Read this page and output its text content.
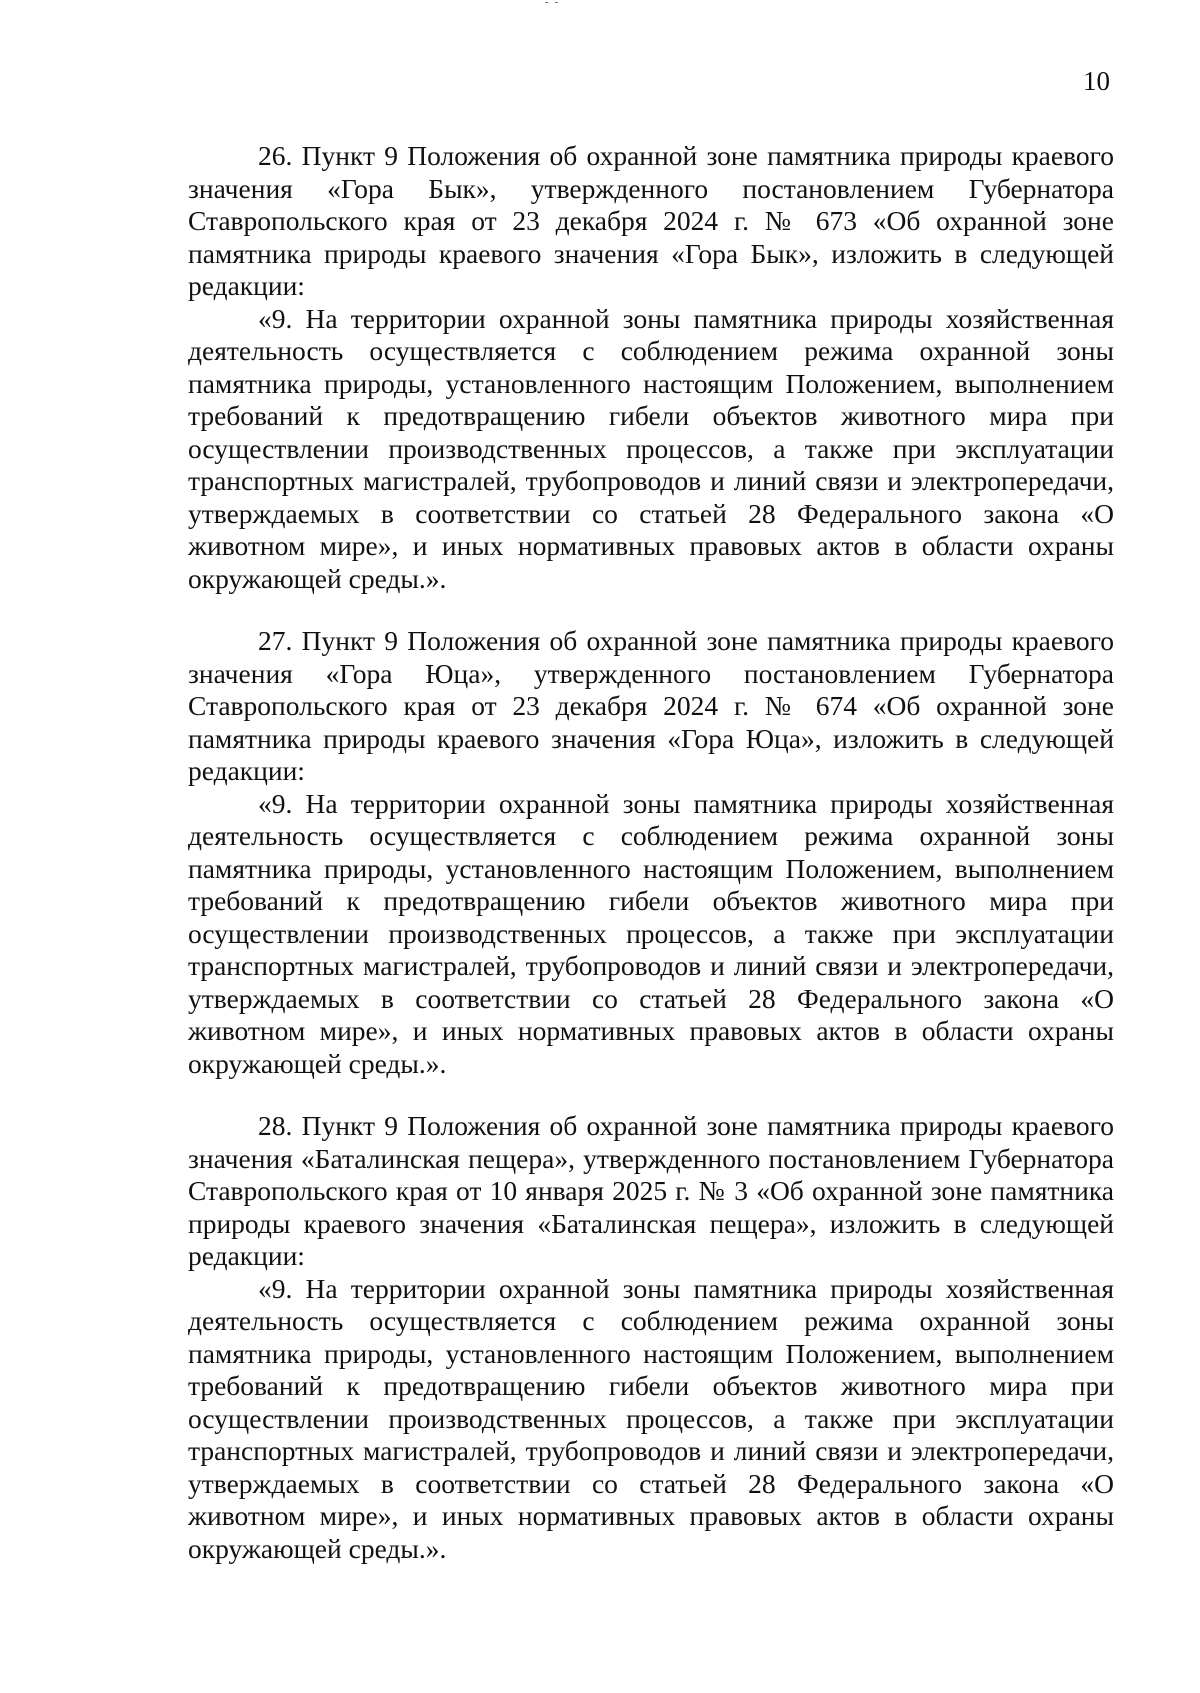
- -
10

26. Пункт 9 Положения об охранной зоне памятника природы краевого значения «Гора Бык», утвержденного постановлением Губернатора Ставропольского края от 23 декабря 2024 г. № 673 «Об охранной зоне памятника природы краевого значения «Гора Бык», изложить в следующей редакции:

«9. На территории охранной зоны памятника природы хозяйственная деятельность осуществляется с соблюдением режима охранной зоны памятника природы, установленного настоящим Положением, выполнением требований к предотвращению гибели объектов животного мира при осуществлении производственных процессов, а также при эксплуатации транспортных магистралей, трубопроводов и линий связи и электропередачи, утверждаемых в соответствии со статьей 28 Федерального закона «О животном мире», и иных нормативных правовых актов в области охраны окружающей среды.».

27. Пункт 9 Положения об охранной зоне памятника природы краевого значения «Гора Юца», утвержденного постановлением Губернатора Ставропольского края от 23 декабря 2024 г. № 674 «Об охранной зоне памятника природы краевого значения «Гора Юца», изложить в следующей редакции:

«9. На территории охранной зоны памятника природы хозяйственная деятельность осуществляется с соблюдением режима охранной зоны памятника природы, установленного настоящим Положением, выполнением требований к предотвращению гибели объектов животного мира при осуществлении производственных процессов, а также при эксплуатации транспортных магистралей, трубопроводов и линий связи и электропередачи, утверждаемых в соответствии со статьей 28 Федерального закона «О животном мире», и иных нормативных правовых актов в области охраны окружающей среды.».

28. Пункт 9 Положения об охранной зоне памятника природы краевого значения «Баталинская пещера», утвержденного постановлением Губернатора Ставропольского края от 10 января 2025 г. № 3 «Об охранной зоне памятника природы краевого значения «Баталинская пещера», изложить в следующей редакции:

«9. На территории охранной зоны памятника природы хозяйственная деятельность осуществляется с соблюдением режима охранной зоны памятника природы, установленного настоящим Положением, выполнением требований к предотвращению гибели объектов животного мира при осуществлении производственных процессов, а также при эксплуатации транспортных магистралей, трубопроводов и линий связи и электропередачи, утверждаемых в соответствии со статьей 28 Федерального закона «О животном мире», и иных нормативных правовых актов в области охраны окружающей среды.».
